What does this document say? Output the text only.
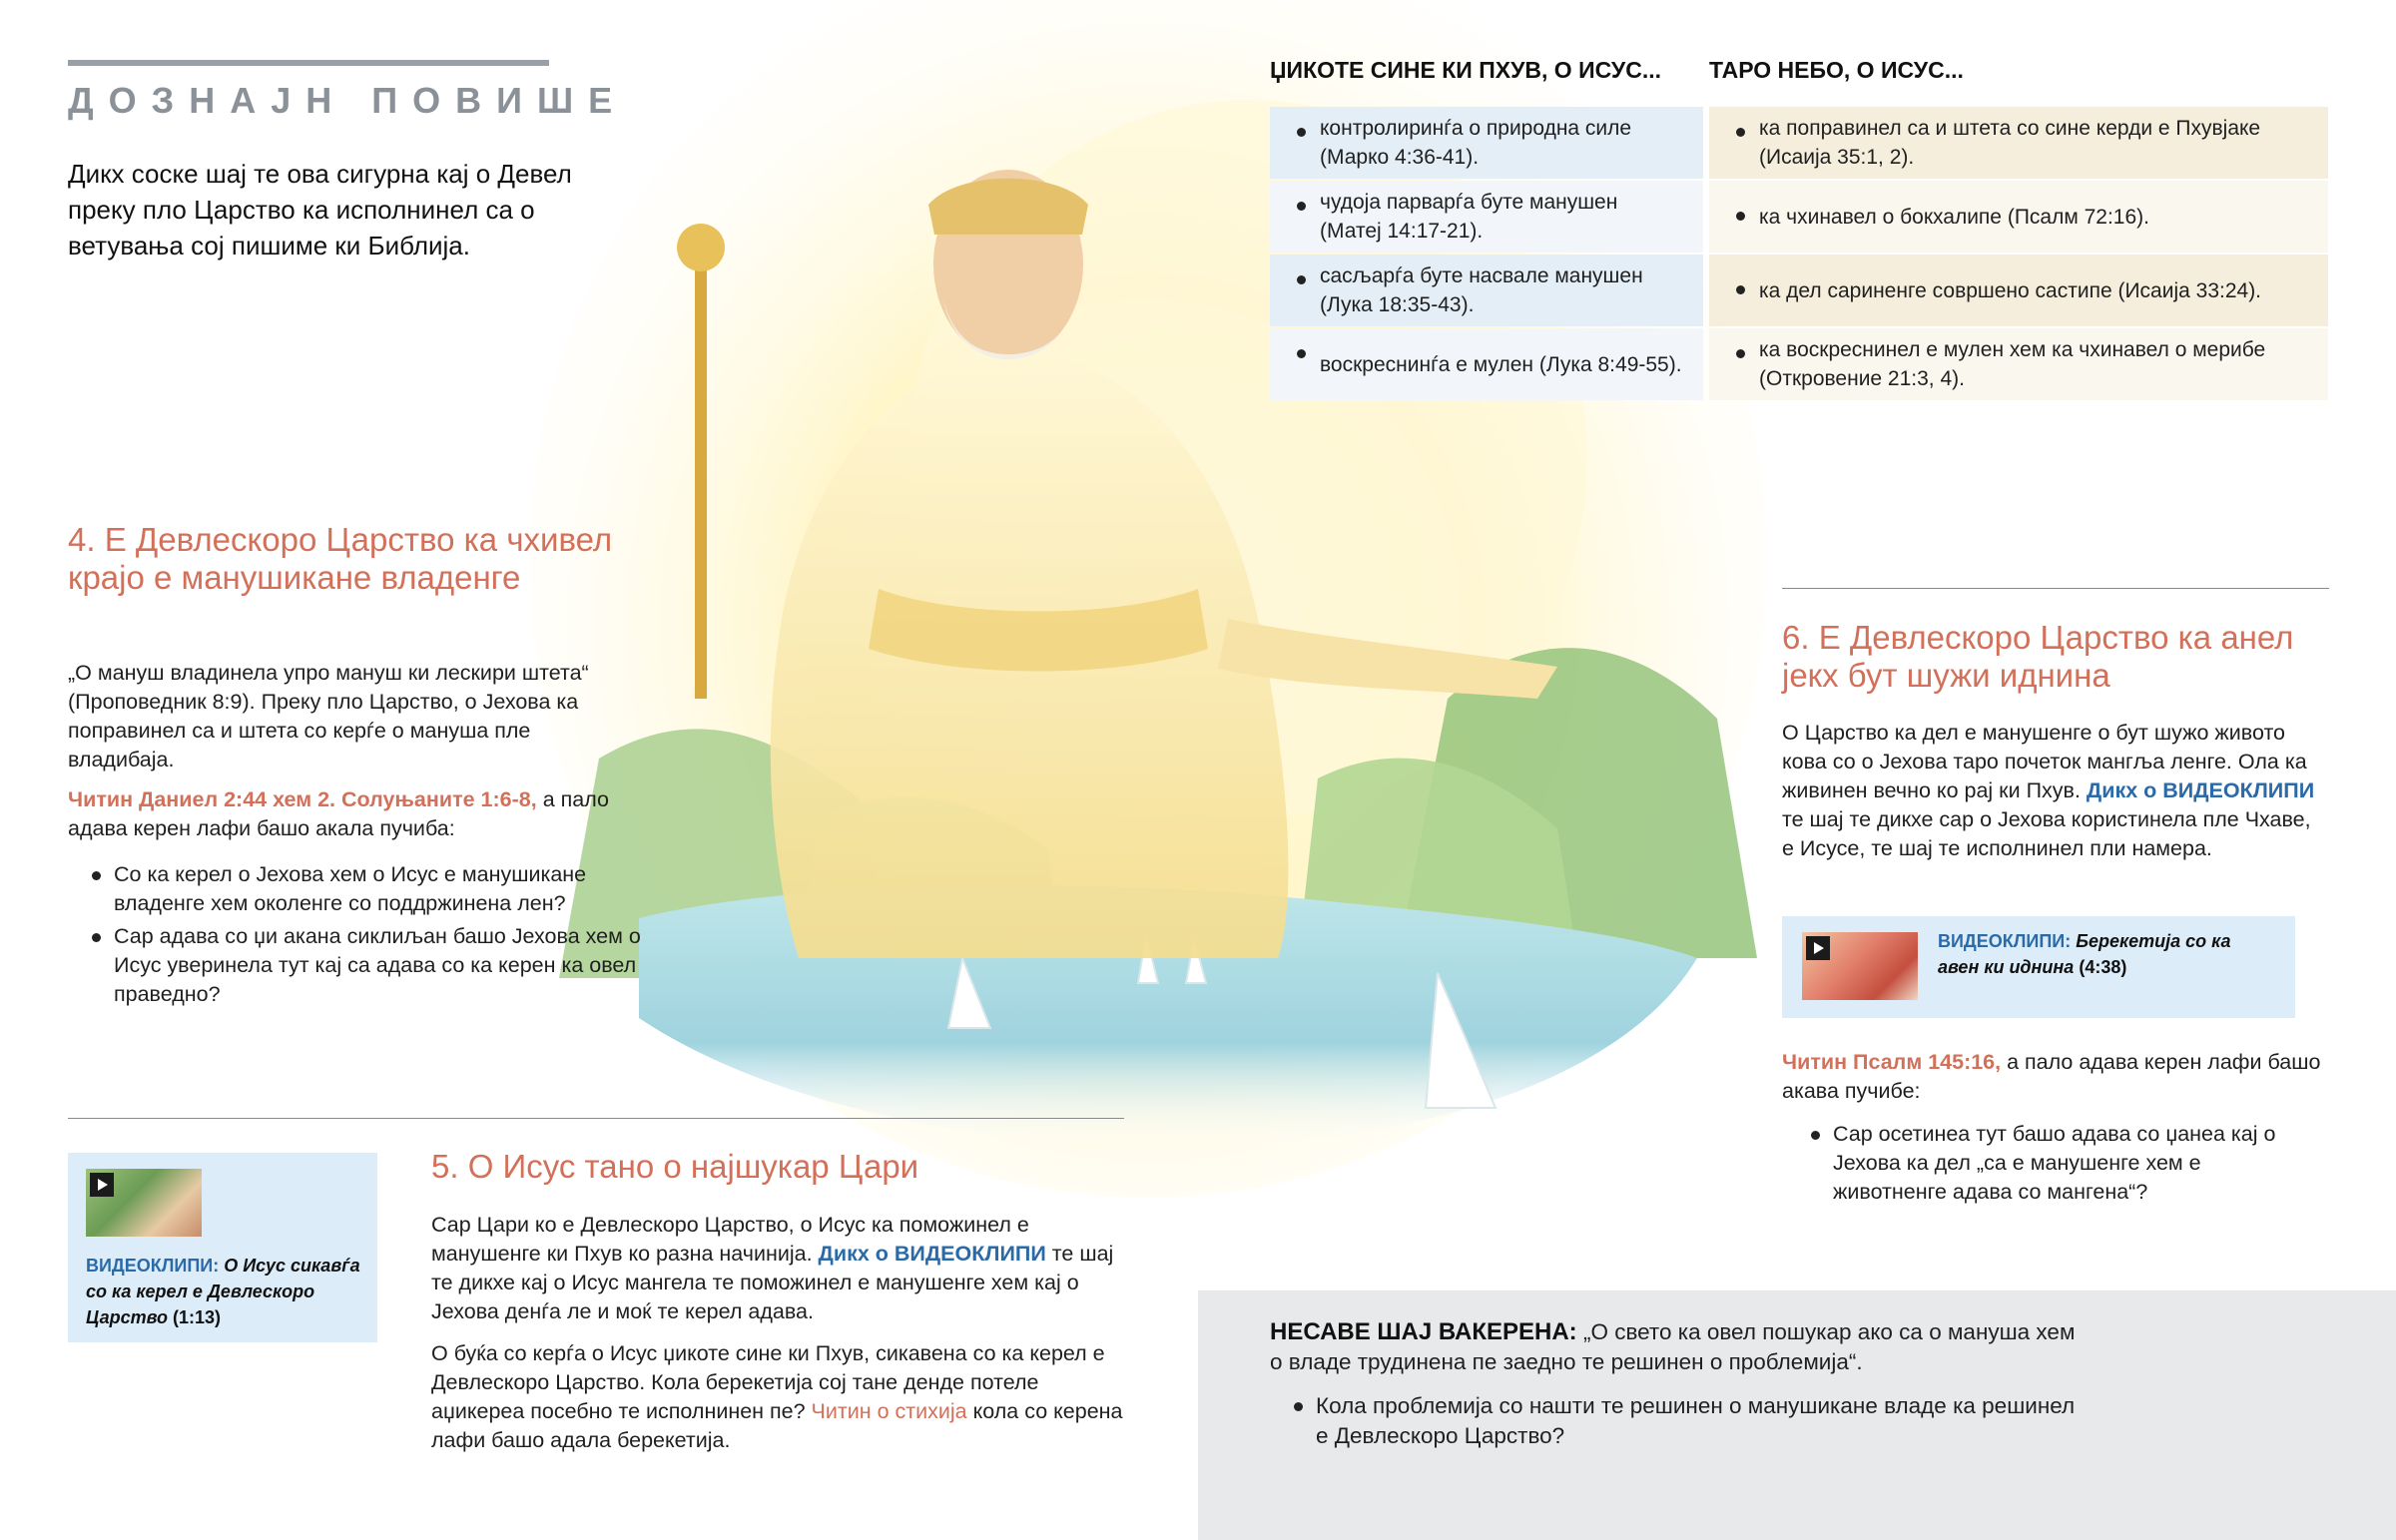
ДОЗНАЈН ПОВИШЕ
Дикх соске шај те ова сигурна кај о Девел преку пло Царство ка исполнинел са о ветувања сој пишиме ки Библија.
ЏИКОТЕ СИНЕ КИ ПХУВ, О ИСУС... ТАРО НЕБО, О ИСУС...
контролиринѓа о природна силе (Марко 4:36-41).
чудоја парварѓа буте манушен (Матеј 14:17-21).
сасљарѓа буте насвале манушен (Лука 18:35-43).
воскреснинѓа е мулен (Лука 8:49-55).
ка поправинел са и штета со сине керди е Пхувјаке (Исаија 35:1, 2).
ка чхинавел о бокхалипе (Псалм 72:16).
ка дел сариненге совршено састипе (Исаија 33:24).
ка воскреснинел е мулен хем ка чхинавел о мерибе (Откровение 21:3, 4).
4. Е Девлескоро Царство ка чхивел крајо е манушикане владенге
„О мануш владинела упро мануш ки лескири штета“ (Проповедник 8:9). Преку пло Царство, о Јехова ка поправинел са и штета со керѓе о мануша пле владибаја.
Читин Даниел 2:44 хем 2. Солуњаните 1:6-8, а пало адава керен лафи башо акала пучиба:
Со ка керел о Јехова хем о Исус е манушикане владенге хем околенге со поддржинена лен?
Сар адава со џи акана сиклиљан башо Јехова хем о Исус уверинела тут кај са адава со ка керен ка овел праведно?
ВИДЕОКЛИПИ: О Исус сикавѓа со ка керел е Девлескоро Царство (1:13)
5. О Исус тано о најшукар Цари
Сар Цари ко е Девлескоро Царство, о Исус ка поможинел е манушенге ки Пхув ко разна начинија. Дикх о ВИДЕОКЛИПИ те шај те дикхе кај о Исус мангела те поможинел е манушенге хем кај о Јехова денѓа ле и моќ те керел адава.
О буќа со керѓа о Исус џикоте сине ки Пхув, сикавена со ка керел е Девлескоро Царство. Кола берекетија сој тане денде потеле аџикереа посебно те исполнинен пе? Читин о стихија кола со керена лафи башо адала берекетија.
6. Е Девлескоро Царство ка анел јекх бут шужи иднина
О Царство ка дел е манушенге о бут шужо живото кова со о Јехова таро почеток мангља ленге. Ола ка живинен вечно ко рај ки Пхув. Дикх о ВИДЕОКЛИПИ те шај те дикхе сар о Јехова користинела пле Чхаве, е Исусе, те шај те исполнинел пли намера.
ВИДЕОКЛИПИ: Берекетија со ка авен ки иднина (4:38)
Читин Псалм 145:16, а пало адава керен лафи башо акава пучибе:
Сар осетинеа тут башо адава со џанеа кај о Јехова ка дел „са е манушенге хем е животненге адава со мангена“?
НЕСАВЕ ШАЈ ВАКЕРЕНА: „О свето ка овел пошукар ако са о мануша хем о владе трудинена пе заедно те решинен о проблемија“.
Кола проблемија со нашти те решинен о манушикане владе ка решинел е Девлескоро Царство?
